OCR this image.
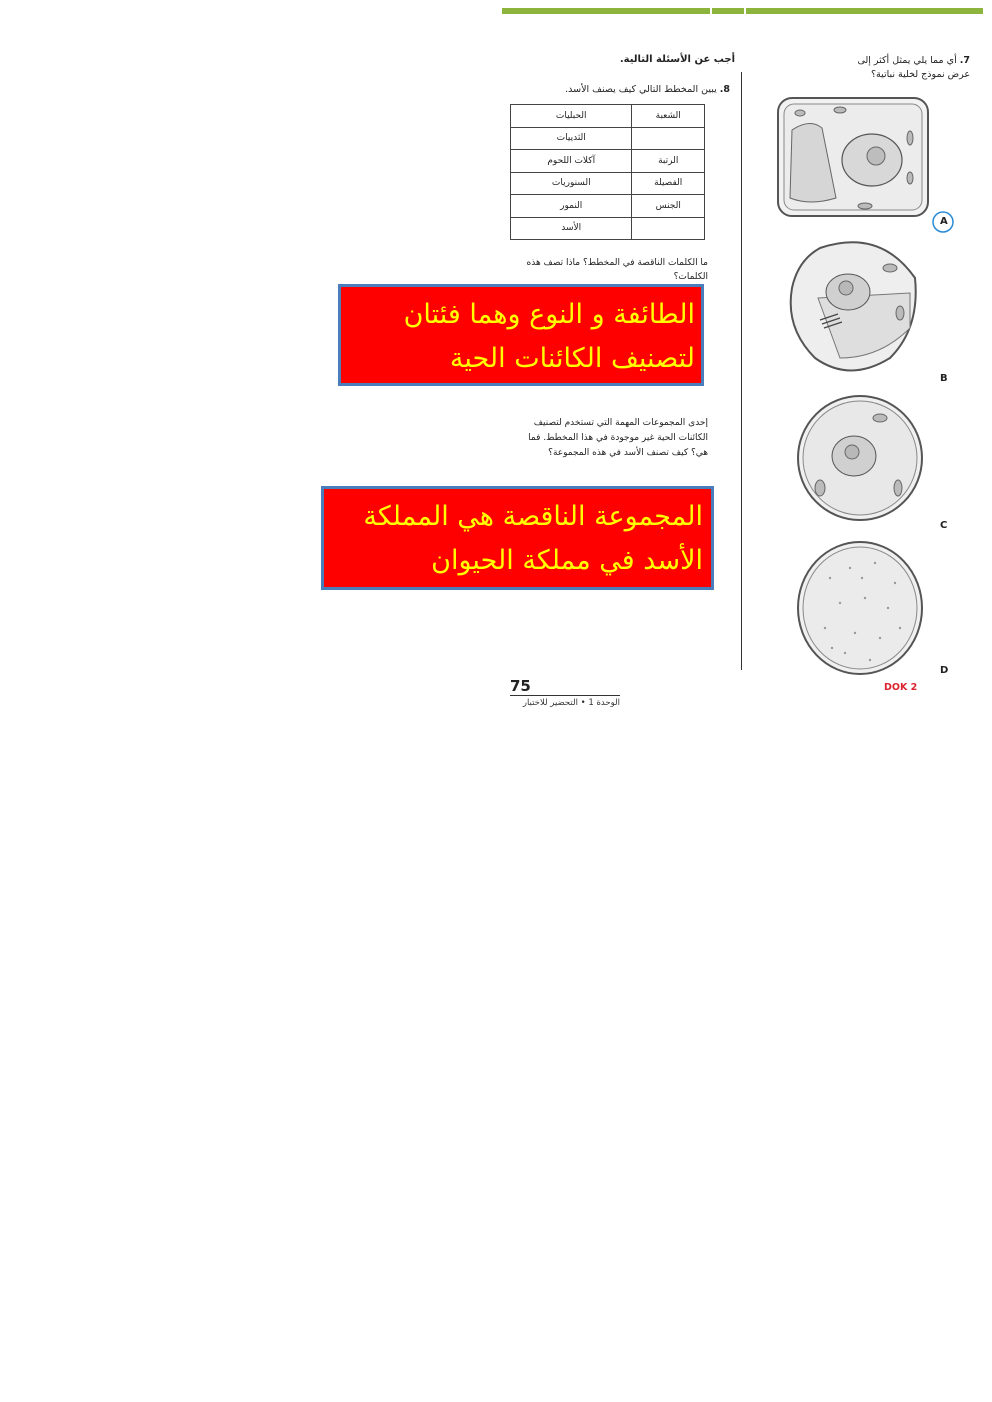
7. أي مما يلي يمثل أكثر إلى عرض نموذج لخلية نباتية؟
أجب عن الأسئلة التالية.
8. يبين المخطط التالي كيف يصنف الأسد.
الشعبة	الحبليات
	الثدييات
الرتبة	آكلات اللحوم
الفصيلة	السنوريات
الجنس	النمور
	الأسد
ما الكلمات الناقصة في المخطط؟ ماذا تصف هذه الكلمات؟
الطائفة و النوع وهما فئتان لتصنيف الكائنات الحية
إحدى المجموعات المهمة التي تستخدم لتصنيف الكائنات الحية غير موجودة في هذا المخطط. فما هي؟ كيف تصنف الأسد في هذه المجموعة؟
المجموعة الناقصة هي المملكة الأسد في مملكة الحيوان
A
B
C
D
DOK 2
75
الوحدة 1 • التحضير للاختبار
